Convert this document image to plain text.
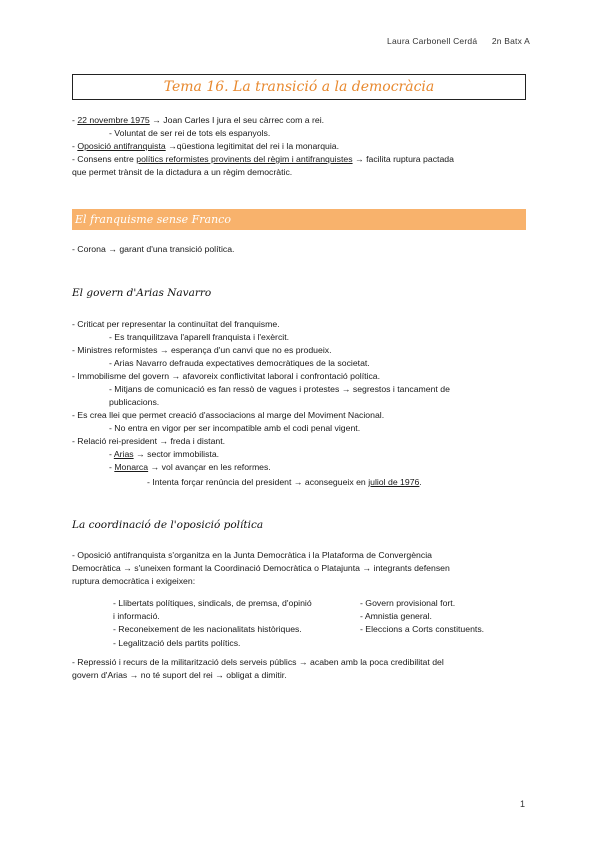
Laura Carbonell Cerdá 2n Batx A
Tema 16. La transició a la democràcia
- 22 novembre 1975 → Joan Carles I jura el seu càrrec com a rei.
- Voluntat de ser rei de tots els espanyols.
- Oposició antifranquista →qüestiona legitimitat del rei i la monarquia.
- Consens entre polítics reformistes provinents del règim i antifranquistes → facilita ruptura pactada
que permet trànsit de la dictadura a un règim democràtic.
El franquisme sense Franco
- Corona → garant d'una transició política.
El govern d'Arias Navarro
- Criticat per representar la continuïtat del franquisme.
- Es tranquilitzava l'aparell franquista i l'exèrcit.
- Ministres reformistes → esperança d'un canvi que no es produeix.
- Arias Navarro defrauda expectatives democràtiques de la societat.
- Immobilisme del govern → afavoreix conflictivitat laboral i confrontació política.
- Mitjans de comunicació es fan ressò de vagues i protestes → segrestos i tancament de
publicacions.
- Es crea llei que permet creació d'associacions al marge del Moviment Nacional.
- No entra en vigor per ser incompatible amb el codi penal vigent.
- Relació rei-president → freda i distant.
- Arias → sector immobilista.
- Monarca → vol avançar en les reformes.
- Intenta forçar renúncia del president → aconsegueix en juliol de 1976.
La coordinació de l'oposició política
- Oposició antifranquista s'organitza en la Junta Democràtica i la Plataforma de Convergència
Democràtica → s'uneixen formant la Coordinació Democràtica o Platajunta → integrants defensen
ruptura democràtica i exigeixen:
- Llibertats polítiques, sindicals, de premsa, d'opinió
i informació.
- Reconeixement de les nacionalitats històriques.
- Legalització dels partits polítics.
- Govern provisional fort.
- Amnistia general.
- Eleccions a Corts constituents.
- Repressió i recurs de la militarització dels serveis públics → acaben amb la poca credibilitat del
govern d'Arias → no té suport del rei → obligat a dimitir.
1
